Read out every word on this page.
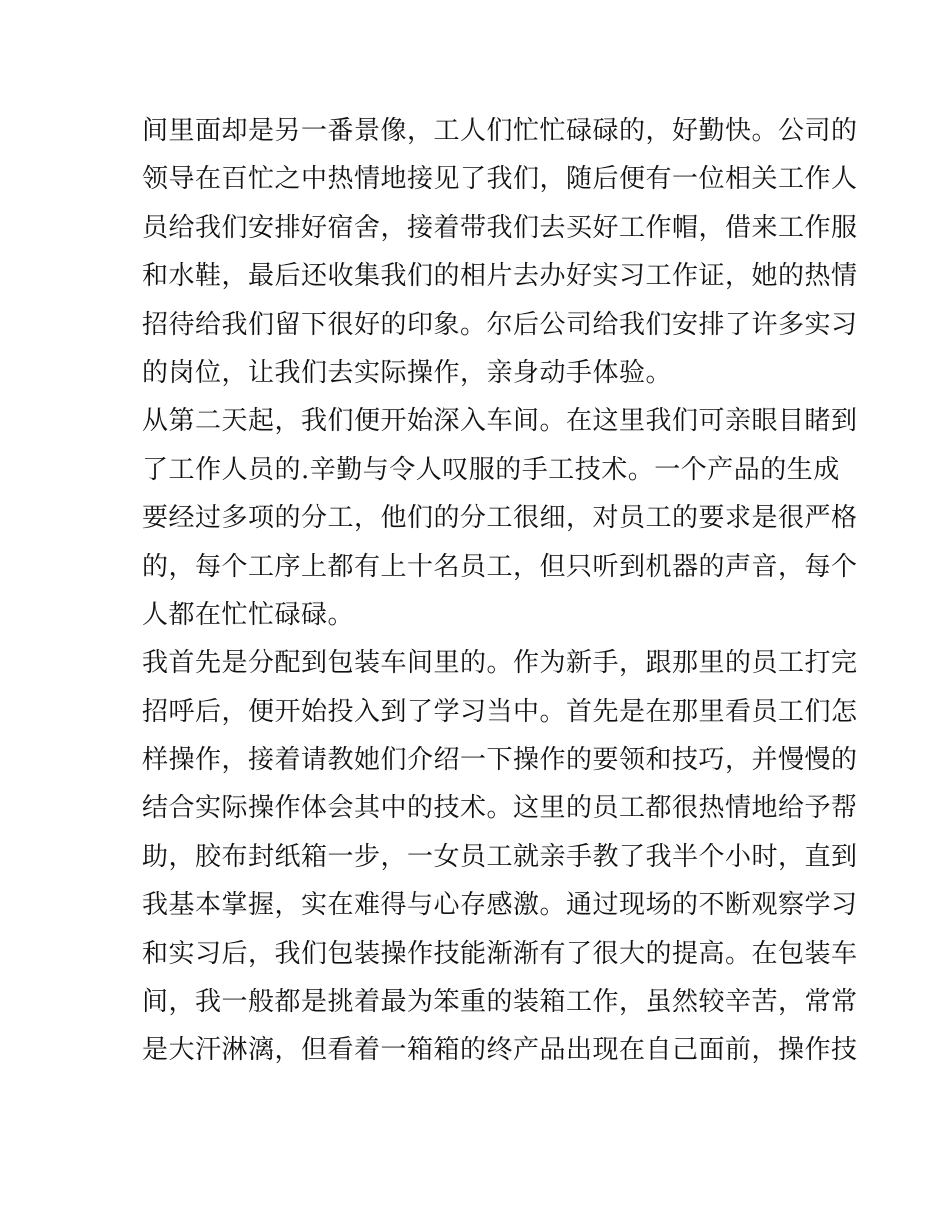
间里面却是另一番景像，工人们忙忙碌碌的，好勤快。公司的
领导在百忙之中热情地接见了我们，随后便有一位相关工作人
员给我们安排好宿舍，接着带我们去买好工作帽，借来工作服
和水鞋，最后还收集我们的相片去办好实习工作证，她的热情
招待给我们留下很好的印象。尔后公司给我们安排了许多实习
的岗位，让我们去实际操作，亲身动手体验。
从第二天起，我们便开始深入车间。在这里我们可亲眼目睹到
了工作人员的.辛勤与令人叹服的手工技术。一个产品的生成
要经过多项的分工，他们的分工很细，对员工的要求是很严格
的，每个工序上都有上十名员工，但只听到机器的声音，每个
人都在忙忙碌碌。
我首先是分配到包装车间里的。作为新手，跟那里的员工打完
招呼后，便开始投入到了学习当中。首先是在那里看员工们怎
样操作，接着请教她们介绍一下操作的要领和技巧，并慢慢的
结合实际操作体会其中的技术。这里的员工都很热情地给予帮
助，胶布封纸箱一步，一女员工就亲手教了我半个小时，直到
我基本掌握，实在难得与心存感激。通过现场的不断观察学习
和实习后，我们包装操作技能渐渐有了很大的提高。在包装车
间，我一般都是挑着最为笨重的装箱工作，虽然较辛苦，常常
是大汗淋漓，但看着一箱箱的终产品出现在自己面前，操作技
